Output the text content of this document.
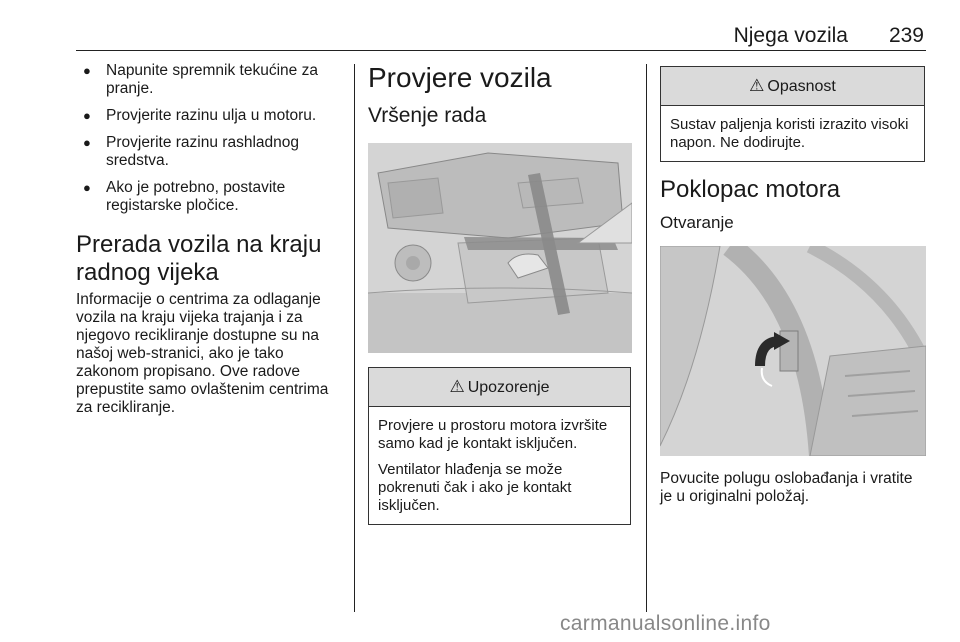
Njega vozila 239
● Napunite spremnik tekućine za pranje.
● Provjerite razinu ulja u motoru.
● Provjerite razinu rashladnog sredstva.
● Ako je potrebno, postavite registarske pločice.
Prerada vozila na kraju radnog vijeka

Informacije o centrima za odlaganje vozila na kraju vijeka trajanja i za njegovo recikliranje dostupne su na našoj web-stranici, ako je tako zakonom propisano. Ove radove prepustite samo ovlaštenim centrima za recikliranje.

Provjere vozila
Vršenje rada
⚠ Upozorenje

Provjere u prostoru motora izvršite samo kad je kontakt isključen.

Ventilator hlađenja se može pokrenuti čak i ako je kontakt isključen.

⚠ Opasnost

Sustav paljenja koristi izrazito visoki napon. Ne dodirujte.

Poklopac motora
Otvaranje

Povucite polugu oslobađanja i vratite je u originalni položaj.

carmanualsonline.info
